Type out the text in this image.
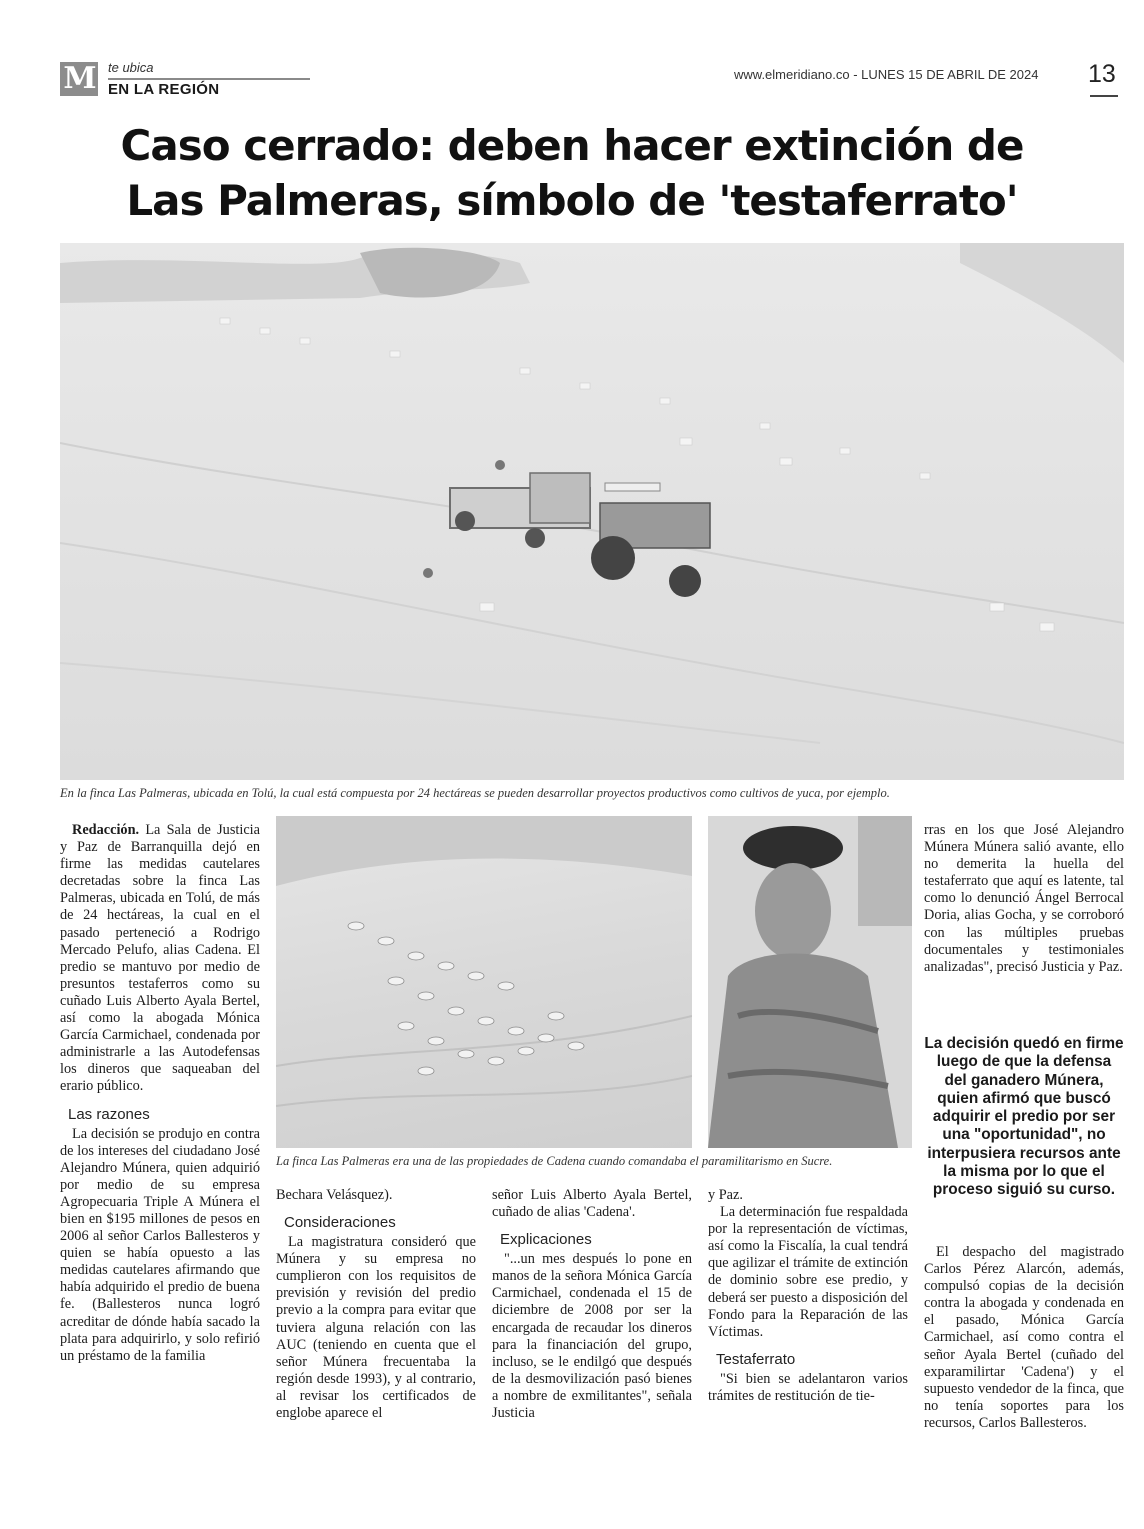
M te ubica
EN LA REGIÓN
www.elmeridiano.co - LUNES 15 DE ABRIL DE 2024 13
Caso cerrado: deben hacer extinción de
Las Palmeras, símbolo de 'testaferrato'
En la finca Las Palmeras, ubicada en Tolú, la cual está compuesta por 24 hectáreas se pueden desarrollar proyectos productivos como cultivos de yuca, por ejemplo.

Redacción. La Sala de Justicia y Paz de Barranquilla dejó en firme las medidas cautelares decretadas sobre la finca Las Palmeras, ubicada en Tolú, de más de 24 hectáreas, la cual en el pasado perteneció a Rodrigo Mercado Pelufo, alias Cadena. El predio se mantuvo por medio de presuntos testaferros como su cuñado Luis Alberto Ayala Bertel, así como la abogada Mónica García Carmichael, condenada por administrarle a las Autodefensas los dineros que saqueaban del erario público.

Las razones

La decisión se produjo en contra de los intereses del ciudadano José Alejandro Múnera, quien adquirió por medio de su empresa Agropecuaria Triple A Múnera el bien en $195 millones de pesos en 2006 al señor Carlos Ballesteros y quien se había opuesto a las medidas cautelares afirmando que había adquirido el predio de buena fe. (Ballesteros nunca logró acreditar de dónde había sacado la plata para adquirirlo, y solo refirió un préstamo de la familia

La finca Las Palmeras era una de las propiedades de Cadena cuando comandaba el paramilitarismo en Sucre.

Bechara Velásquez).

Consideraciones

La magistratura consideró que Múnera y su empresa no cumplieron con los requisitos de previsión y revisión del predio previo a la compra para evitar que tuviera alguna relación con las AUC (teniendo en cuenta que el señor Múnera frecuentaba la región desde 1993), y al contrario, al revisar los certificados de englobe aparece el

señor Luis Alberto Ayala Bertel, cuñado de alias 'Cadena'.

Explicaciones

"...un mes después lo pone en manos de la señora Mónica García Carmichael, condenada el 15 de diciembre de 2008 por ser la encargada de recaudar los dineros para la financiación del grupo, incluso, se le endilgó que después de la desmovilización pasó bienes a nombre de exmilitantes", señala Justicia

y Paz.

La determinación fue respaldada por la representación de víctimas, así como la Fiscalía, la cual tendrá que agilizar el trámite de extinción de dominio sobre ese predio, y deberá ser puesto a disposición del Fondo para la Reparación de las Víctimas.

Testaferrato

"Si bien se adelantaron varios trámites de restitución de tie-

rras en los que José Alejandro Múnera Múnera salió avante, ello no demerita la huella del testaferrato que aquí es latente, tal como lo denunció Ángel Berrocal Doria, alias Gocha, y se corroboró con las múltiples pruebas documentales y testimoniales analizadas", precisó Justicia y Paz.

La decisión quedó en firme luego de que la defensa del ganadero Múnera, quien afirmó que buscó adquirir el predio por ser una "oportunidad", no interpusiera recursos ante la misma por lo que el proceso siguió su curso.

El despacho del magistrado Carlos Pérez Alarcón, además, compulsó copias de la decisión contra la abogada y condenada en el pasado, Mónica García Carmichael, así como contra el señor Ayala Bertel (cuñado del exparamilirtar 'Cadena') y el supuesto vendedor de la finca, que no tenía soportes para los recursos, Carlos Ballesteros.
